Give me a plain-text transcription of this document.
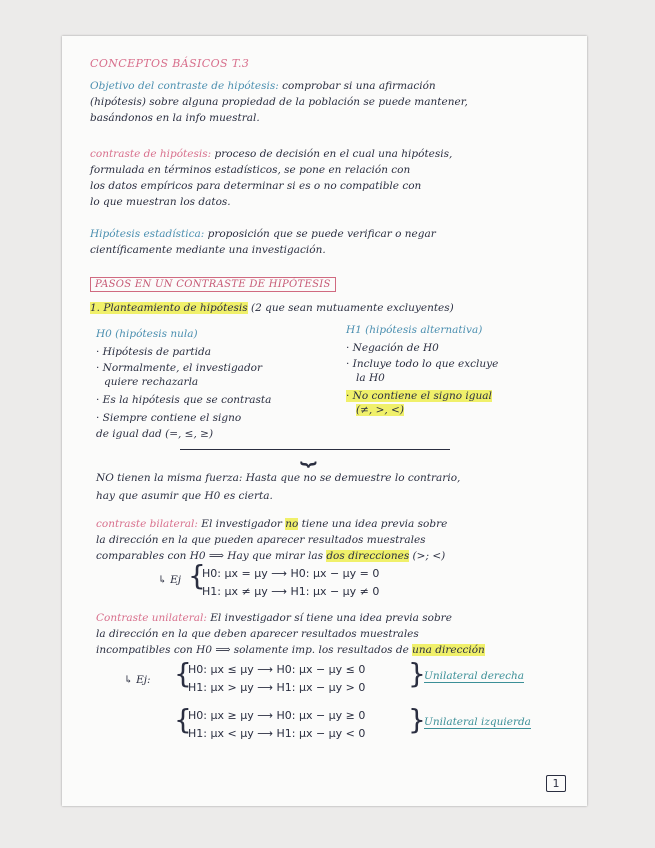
CONCEPTOS BÁSICOS T.3
Objetivo del contraste de hipótesis: comprobar si una afirmación
(hipótesis) sobre alguna propiedad de la población se puede mantener,
basándonos en la info muestral.
contraste de hipótesis: proceso de decisión en el cual una hipótesis,
formulada en términos estadísticos, se pone en relación con
los datos empíricos para determinar si es o no compatible con
lo que muestran los datos.
Hipótesis estadística: proposición que se puede verificar o negar
científicamente mediante una investigación.
PASOS EN UN CONTRASTE DE HIPÓTESIS
1. Planteamiento de hipótesis (2 que sean mutuamente excluyentes)
H0 (hipótesis nula)
· Hipótesis de partida
· Normalmente, el investigador
quiere rechazarla
· Es la hipótesis que se contrasta
· Siempre contiene el signo
de igual dad (=, ≤, ≥)
H1 (hipótesis alternativa)
· Negación de H0
· Incluye todo lo que excluye
la H0
· No contiene el signo igual
(≠, >, <)
⏟
NO tienen la misma fuerza: Hasta que no se demuestre lo contrario,
hay que asumir que H0 es cierta.
contraste bilateral: El investigador no tiene una idea previa sobre
la dirección en la que pueden aparecer resultados muestrales
comparables con H0 ⟹ Hay que mirar las dos direcciones (>; <)
↳ Ej {
H0: μx = μy ⟶ H0: μx − μy = 0
H1: μx ≠ μy ⟶ H1: μx − μy ≠ 0
Contraste unilateral: El investigador sí tiene una idea previa sobre
la dirección en la que deben aparecer resultados muestrales
incompatibles con H0 ⟹ solamente imp. los resultados de una dirección
↳ Ej: {
H0: μx ≤ μy ⟶ H0: μx − μy ≤ 0
H1: μx > μy ⟶ H1: μx − μy > 0 }
Unilateral derecha
{
H0: μx ≥ μy ⟶ H0: μx − μy ≥ 0
H1: μx < μy ⟶ H1: μx − μy < 0 }
Unilateral izquierda
1
